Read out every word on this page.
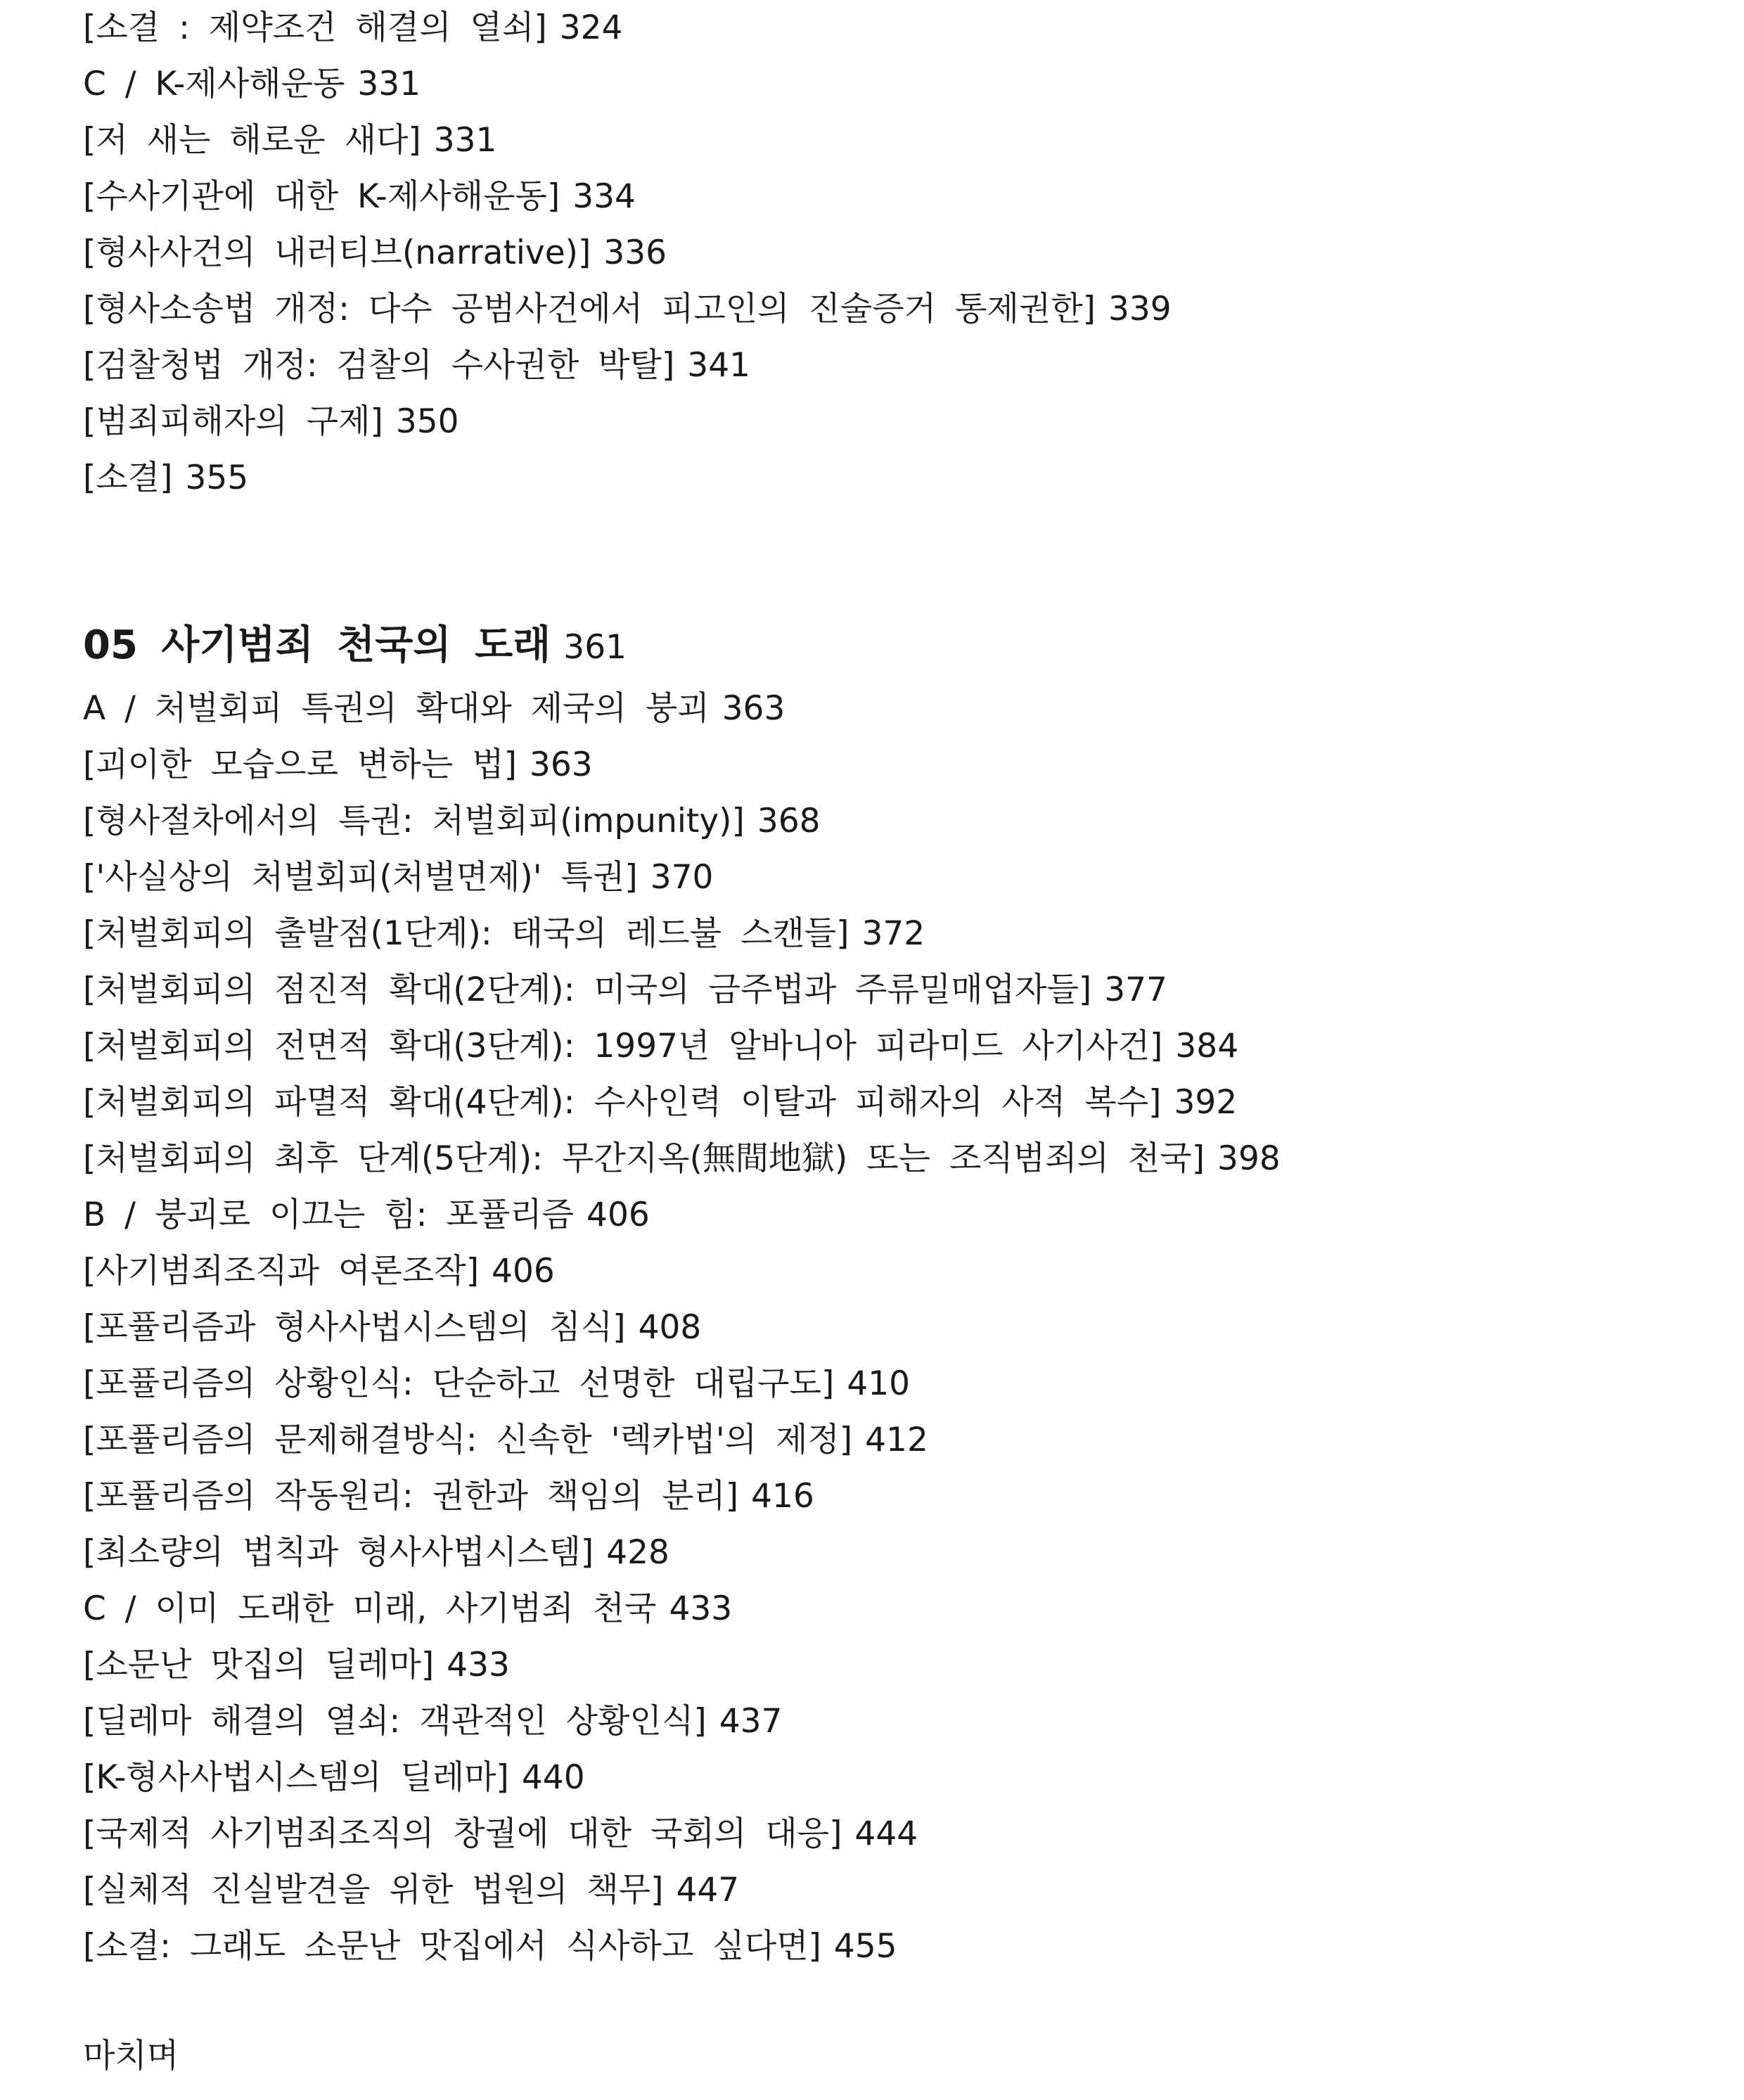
[소결 : 제약조건 해결의 열쇠] 324
C / K-제사해운동 331
[저 새는 해로운 새다] 331
[수사기관에 대한 K-제사해운동] 334
[형사사건의 내러티브(narrative)] 336
[형사소송법 개정: 다수 공범사건에서 피고인의 진술증거 통제권한] 339
[검찰청법 개정: 검찰의 수사권한 박탈] 341
[범죄피해자의 구제] 350
[소결] 355
05 사기범죄 천국의 도래 361
A / 처벌회피 특권의 확대와 제국의 붕괴 363
[괴이한 모습으로 변하는 법] 363
[형사절차에서의 특권: 처벌회피(impunity)] 368
['사실상의 처벌회피(처벌면제)' 특권] 370
[처벌회피의 출발점(1단계): 태국의 레드불 스캔들] 372
[처벌회피의 점진적 확대(2단계): 미국의 금주법과 주류밀매업자들] 377
[처벌회피의 전면적 확대(3단계): 1997년 알바니아 피라미드 사기사건] 384
[처벌회피의 파멸적 확대(4단계): 수사인력 이탈과 피해자의 사적 복수] 392
[처벌회피의 최후 단계(5단계): 무간지옥(無間地獄) 또는 조직범죄의 천국] 398
B / 붕괴로 이끄는 힘: 포퓰리즘 406
[사기범죄조직과 여론조작] 406
[포퓰리즘과 형사사법시스템의 침식] 408
[포퓰리즘의 상황인식: 단순하고 선명한 대립구도] 410
[포퓰리즘의 문제해결방식: 신속한 '렉카법'의 제정] 412
[포퓰리즘의 작동원리: 권한과 책임의 분리] 416
[최소량의 법칙과 형사사법시스템] 428
C / 이미 도래한 미래, 사기범죄 천국 433
[소문난 맛집의 딜레마] 433
[딜레마 해결의 열쇠: 객관적인 상황인식] 437
[K-형사사법시스템의 딜레마] 440
[국제적 사기범죄조직의 창궐에 대한 국회의 대응] 444
[실체적 진실발견을 위한 법원의 책무] 447
[소결: 그래도 소문난 맛집에서 식사하고 싶다면] 455
마치며
